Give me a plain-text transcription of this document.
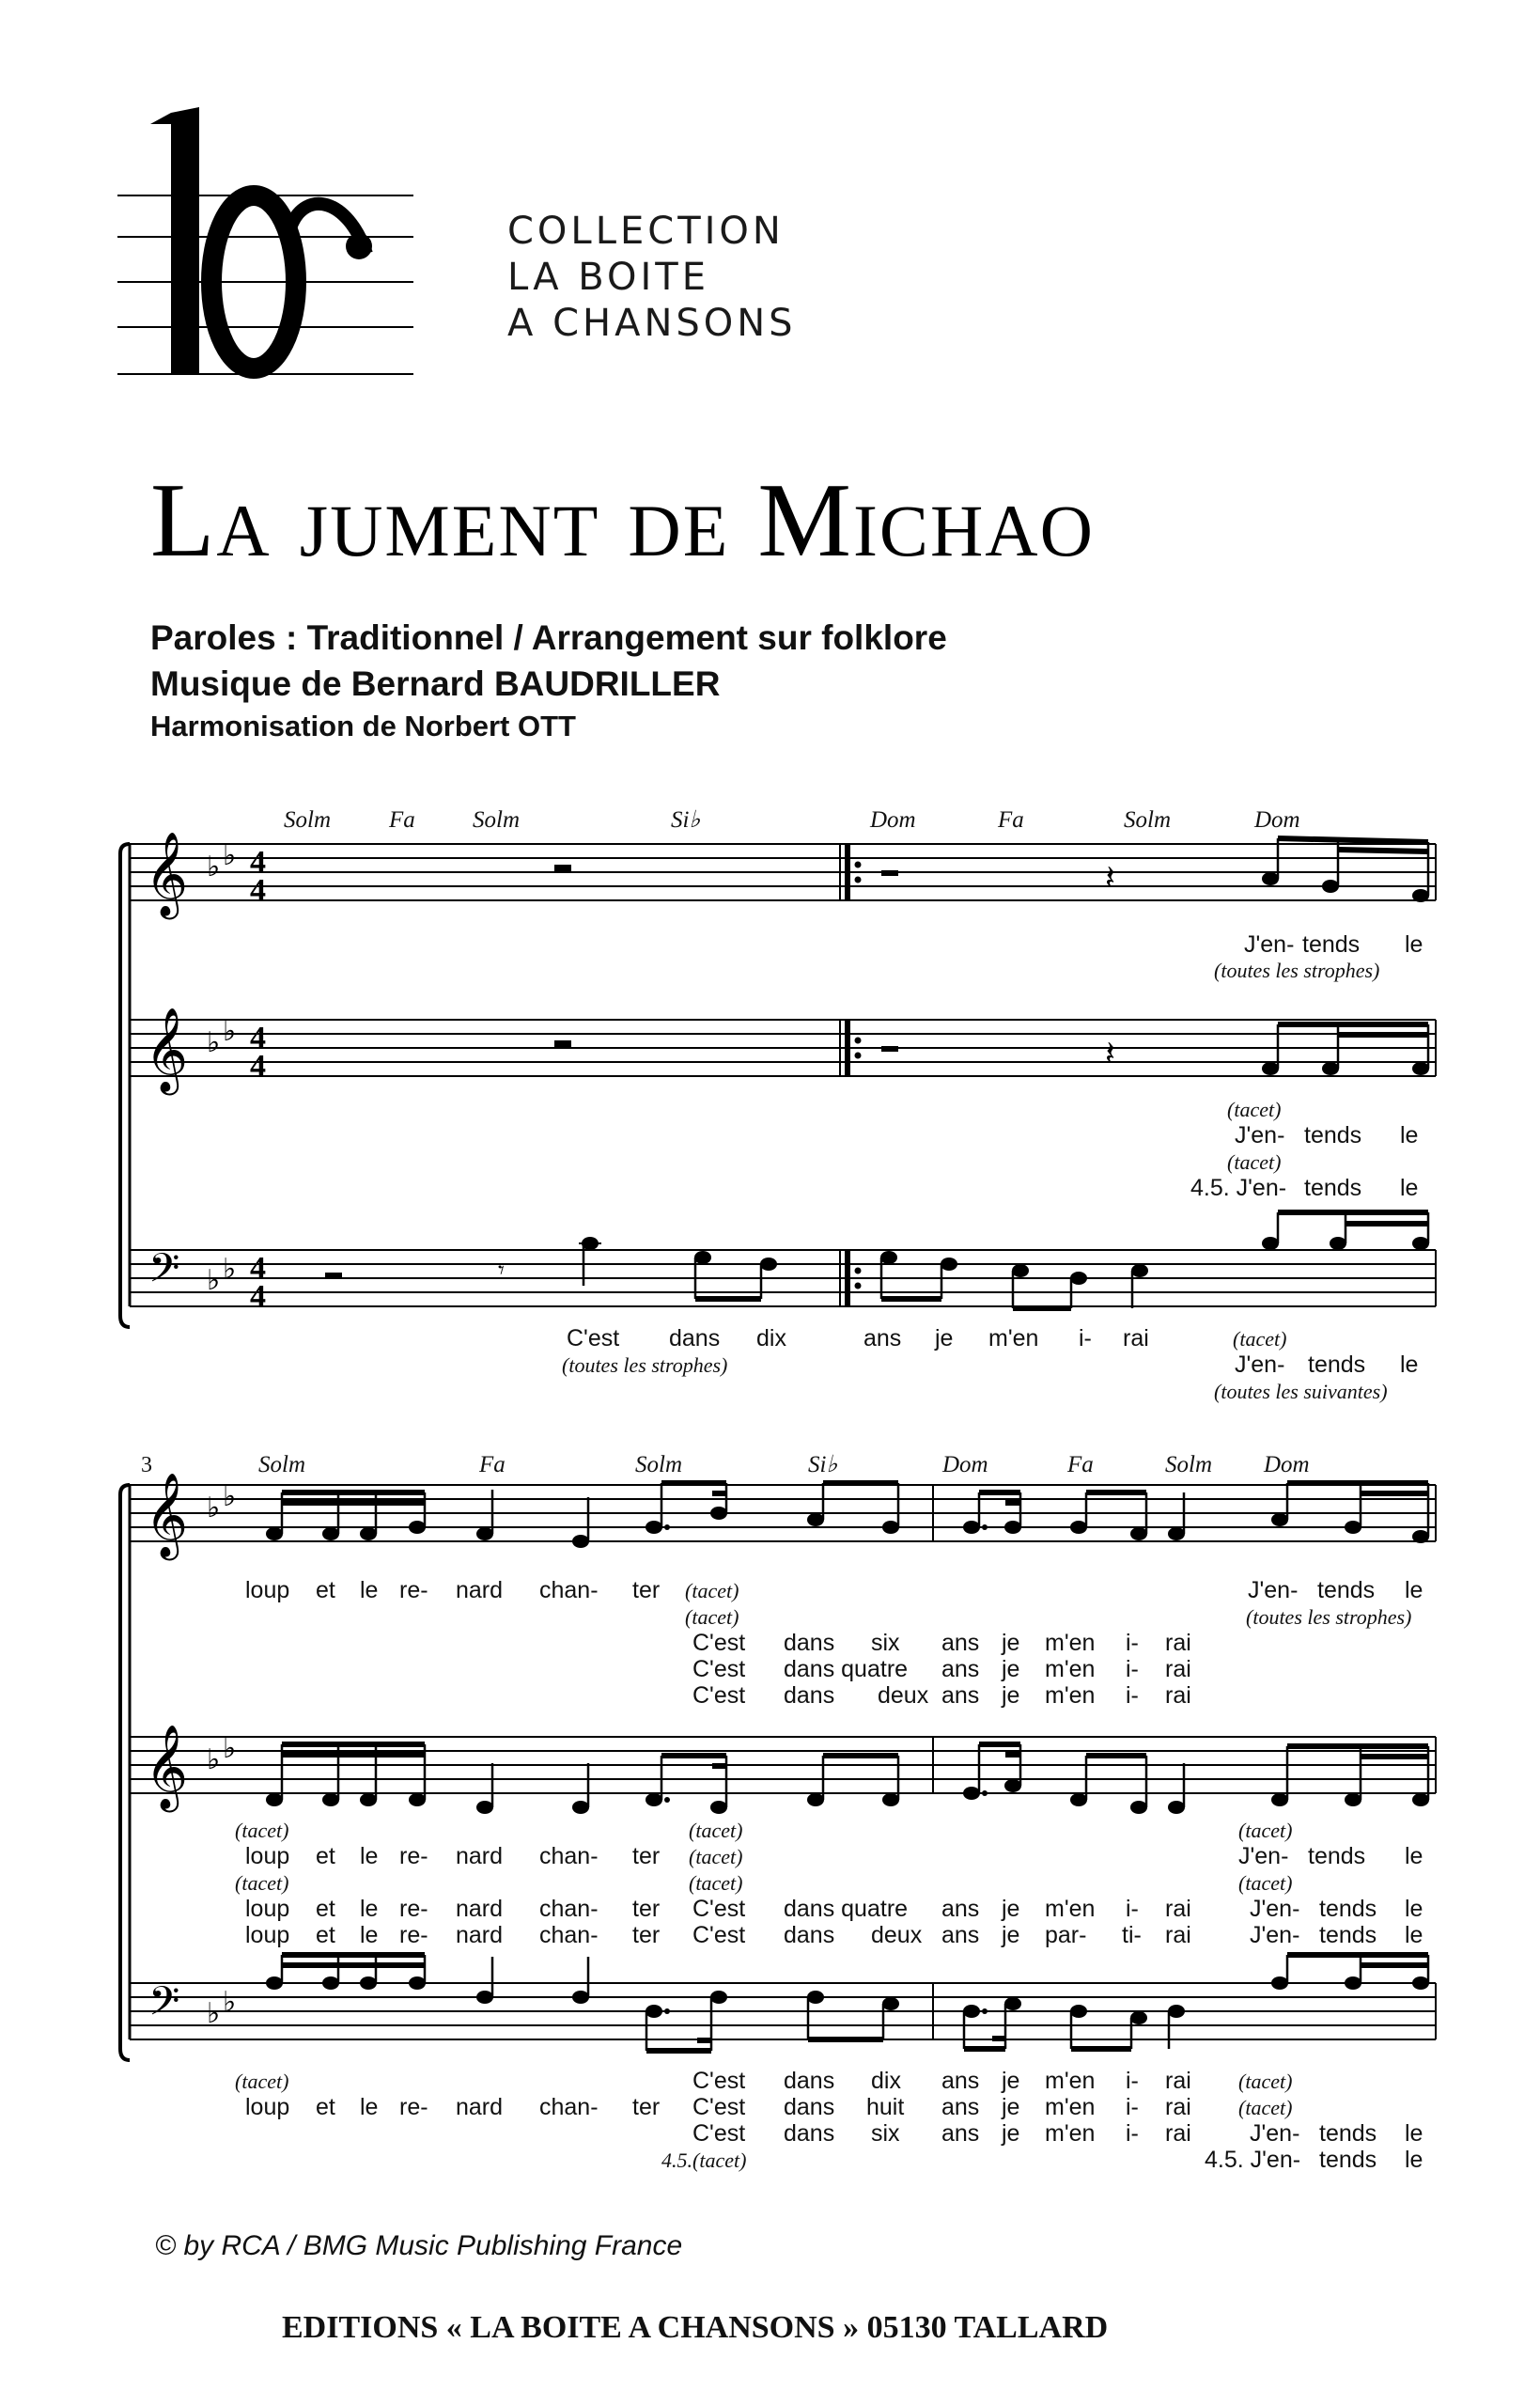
COLLECTION
LA BOITE
A CHANSONS
La jument de Michao
Paroles : Traditionnel / Arrangement sur folklore
Musique de Bernard BAUDRILLER
Harmonisation de Norbert OTT
Solm Fa Solm	Si♭	Dom	Fa	Solm	Dom
𝄞 ♭ ♭ 4
4	𝄽
J'en- tends le
(toutes les strophes)
𝄞 ♭ ♭ 4
4	𝄽
(tacet)
J'en- tends le
(tacet)
4.5. J'en- tends le
𝄢 ♭ ♭ 4
4
𝄾
C'est dans dix	ans je m'en i- rai	(tacet)
(toutes les strophes)	J'en- tends le
(toutes les suivantes)
3	Solm	Fa	Solm	Si♭	Dom	Fa	Solm Dom
𝄞 ♭ ♭
loup et le re- nard chan- ter (tacet)	J'en- tends le
(tacet)	(toutes les strophes)
C'est dans six ans je m'en i- rai
C'est dans quatre ans je m'en i- rai
C'est dans deux ans je m'en i- rai
𝄞 ♭ ♭
(tacet)	(tacet)	(tacet)
loup et le re- nard chan- ter (tacet)	J'en- tends le
(tacet)	(tacet)	(tacet)
loup et le re- nard chan- ter C'est dans quatre ans je m'en i- rai J'en- tends le
loup et le re- nard chan- ter C'est dans deux ans je par- ti- rai J'en- tends le
𝄢 ♭ ♭
(tacet)	C'est dans dix ans je m'en i- rai (tacet)
loup et le re- nard chan- ter C'est dans huit ans je m'en i- rai (tacet)
C'est dans six ans je m'en i- rai J'en- tends le
4.5.(tacet)	4.5. J'en- tends le
© by RCA / BMG Music Publishing France
EDITIONS « LA BOITE A CHANSONS » 05130 TALLARD
